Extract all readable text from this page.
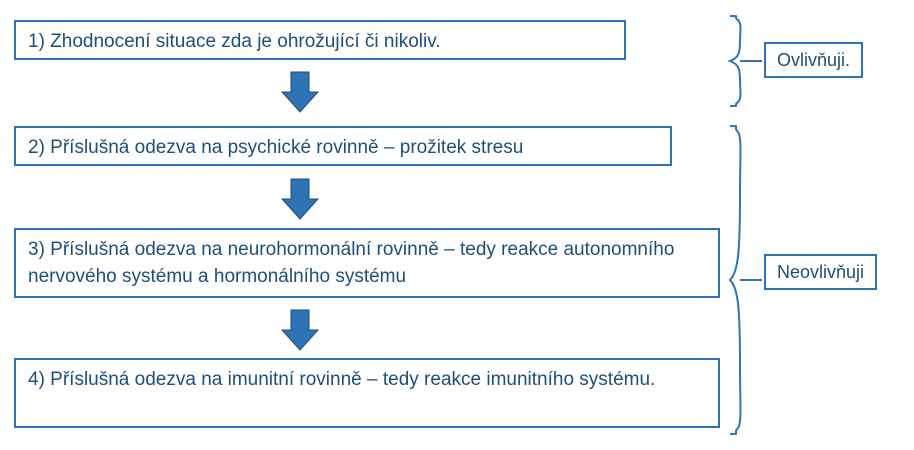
1) Zhodnocení situace zda je ohrožující či nikoliv.
2) Příslušná odezva na psychické rovinně – prožitek stresu
3) Příslušná odezva na neurohormonální rovinně – tedy reakce autonomního nervového systému a hormonálního systému
4) Příslušná odezva na imunitní rovinně – tedy reakce imunitního systému.
Ovlivňuji.
Neovlivňuji
